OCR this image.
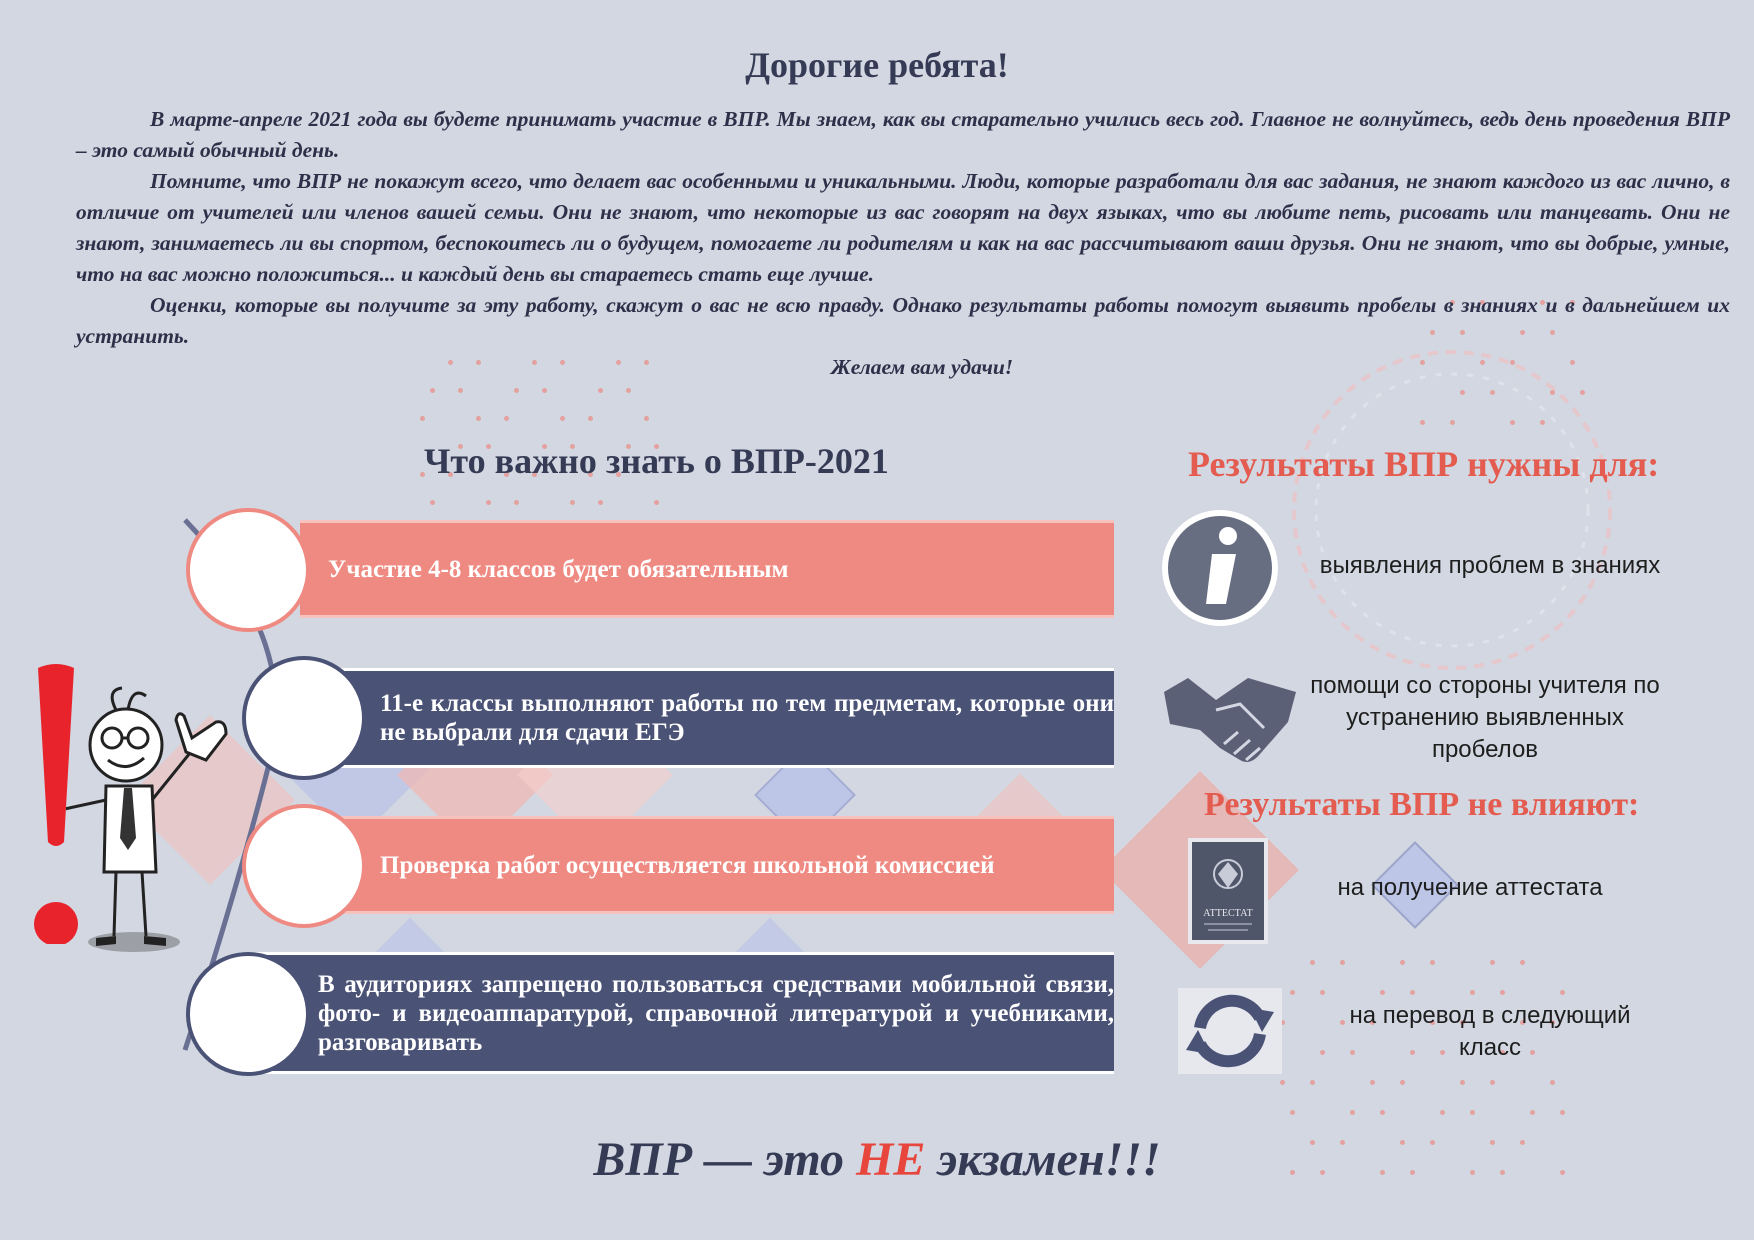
Дорогие ребята!

В марте-апреле 2021 года вы будете принимать участие в ВПР. Мы знаем, как вы старательно учились весь год. Главное не волнуйтесь, ведь день проведения ВПР – это самый обычный день.

Помните, что ВПР не покажут всего, что делает вас особенными и уникальными. Люди, которые разработали для вас задания, не знают каждого из вас лично, в отличие от учителей или членов вашей семьи. Они не знают, что некоторые из вас говорят на двух языках, что вы любите петь, рисовать или танцевать. Они не знают, занимаетесь ли вы спортом, беспокоитесь ли о будущем, помогаете ли родителям и как на вас рассчитывают ваши друзья. Они не знают, что вы добрые, умные, что на вас можно положиться... и каждый день вы стараетесь стать еще лучше.

Оценки, которые вы получите за эту работу, скажут о вас не всю правду. Однако результаты работы помогут выявить пробелы в знаниях и в дальнейшем их устранить.

Желаем вам удачи!

Что важно знать о ВПР-2021
Участие 4-8 классов будет обязательным
11-е классы выполняют работы по тем предметам, которые они не выбрали для сдачи ЕГЭ
Проверка работ осуществляется школьной комиссией
В аудиториях запрещено пользоваться средствами мобильной связи, фото- и видеоаппаратурой, справочной литературой и учебниками, разговаривать
Результаты ВПР нужны для:
выявления проблем в знаниях
помощи со стороны учителя по устранению выявленных пробелов
Результаты ВПР не влияют:
АТТЕСТАТ
на получение аттестата
на перевод в следующий класс
ВПР — это НЕ экзамен!!!
